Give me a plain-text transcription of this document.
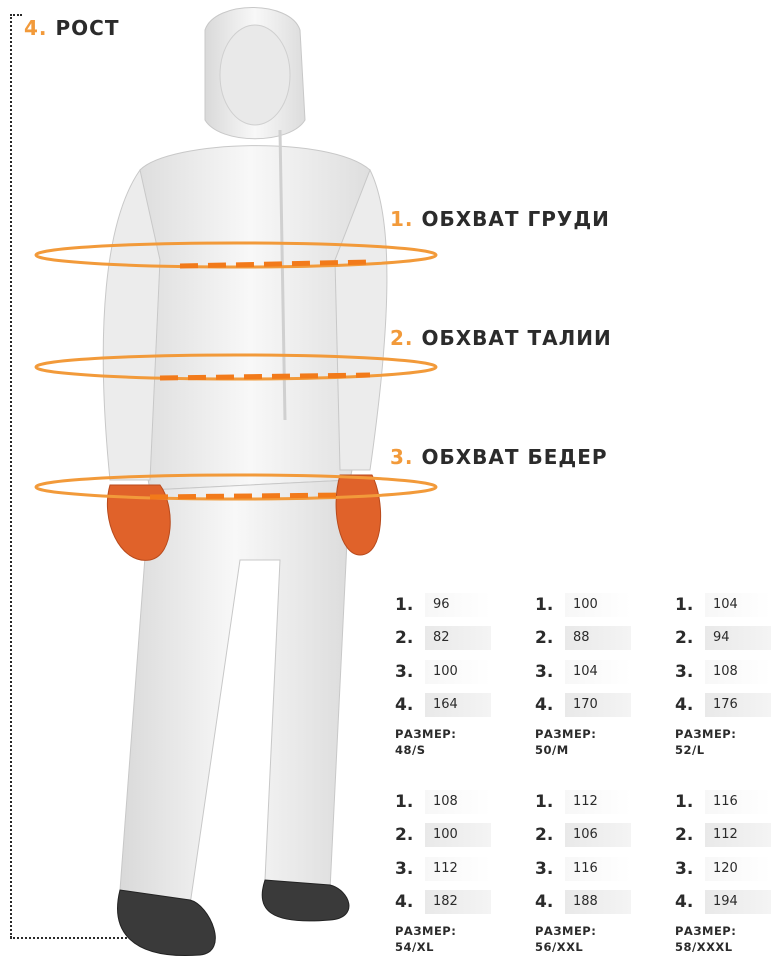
4. РОСТ
1. ОБХВАТ ГРУДИ
2. ОБХВАТ ТАЛИИ
3. ОБХВАТ БЕДЕР
1.	96
2.	82
3.	100
4.	164
РАЗМЕР:
48/S
1.	100
2.	88
3.	104
4.	170
РАЗМЕР:
50/M
1.	104
2.	94
3.	108
4.	176
РАЗМЕР:
52/L
1.	108
2.	100
3.	112
4.	182
РАЗМЕР:
54/XL
1.	112
2.	106
3.	116
4.	188
РАЗМЕР:
56/XXL
1.	116
2.	112
3.	120
4.	194
РАЗМЕР:
58/XXXL
